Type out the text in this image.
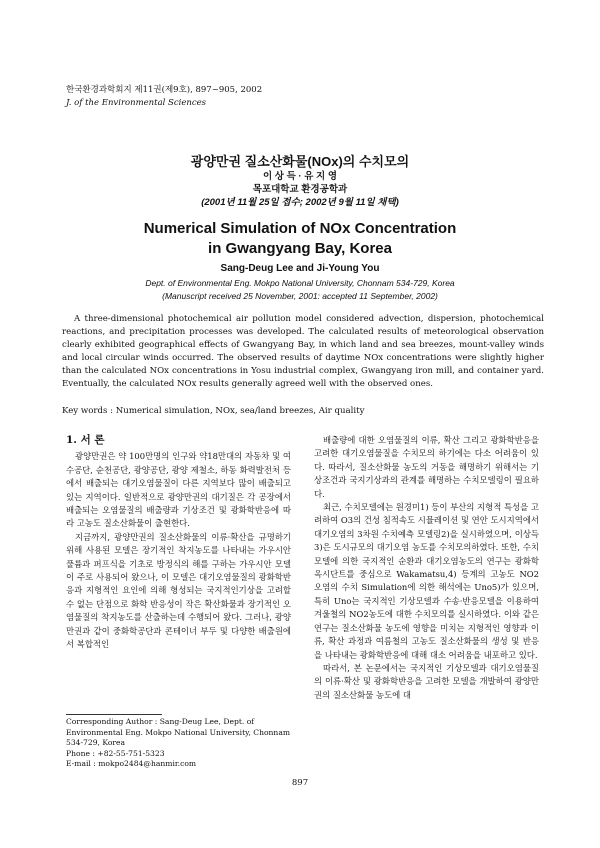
한국환경과학회지 제11권(제9호), 897~905, 2002
J. of the Environmental Sciences
광양만권 질소산화물(NOx)의 수치모의
이 상 득 · 유 지 영
목포대학교 환경공학과
(2001년 11월 25일 접수; 2002년 9월 11일 채택)
Numerical Simulation of NOx Concentration
in Gwangyang Bay, Korea
Sang-Deug Lee and Ji-Young You
Dept. of Environmental Eng. Mokpo National University, Chonnam 534-729, Korea
(Manuscript received 25 November, 2001: accepted 11 September, 2002)

A three-dimensional photochemical air pollution model considered advection, dispersion, photochemical reactions, and precipitation processes was developed. The calculated results of meteorological observation clearly exhibited geographical effects of Gwangyang Bay, in which land and sea breezes, mount-valley winds and local circular winds occurred. The observed results of daytime NOx concentrations were slightly higher than the calculated NOx concentrations in Yosu industrial complex, Gwangyang iron mill, and container yard. Eventually, the calculated NOx results generally agreed well with the observed ones.

Key words : Numerical simulation, NOx, sea/land breezes, Air quality
1. 서 론

광양만권은 약 100만명의 인구와 약18만대의 자동차 및 여수공단, 순천공단, 광양공단, 광양 제철소, 하동 화력발전처 등에서 배출되는 대기오염물질이 다른 지역보다 많이 배출되고 있는 지역이다. 일반적으로 광양만권의 대기질은 각 공장에서 배출되는 오염물질의 배출량과 기상조건 및 광화학반응에 따라 고농도 질소산화물이 출현한다.

지금까지, 광양만권의 질소산화물의 이류·확산을 규명하기 위해 사용된 모델은 장기적인 착지농도를 나타내는 가우시안 풀륨과 퍼프식을 기초로 방정식의 해를 구하는 가우시안 모델이 주로 사용되어 왔으나, 이 모델은 대기오염물질의 광화학반응과 지형적인 요인에 의해 형성되는 국지적인기상을 고려할 수 없는 단점으로 화학 반응성이 작은 확산화물과 장기적인 오염물질의 착지농도를 산출하는데 수행되어 왔다. 그러나, 광양만권과 같이 중화학공단과 콘테이너 부두 및 다양한 배출원에서 복합적인

배출량에 대한 오염물질의 이류, 확산 그리고 광화학반응을 고려한 대기오염물질을 수치모의 하기에는 다소 어려움이 있다. 따라서, 질소산화물 농도의 거동을 해명하기 위해서는 기상조건과 국지기상과의 관계를 해명하는 수치모델링이 필요하다.

최근, 수치모델에는 원경미1) 등이 부산의 지형적 특성을 고려하여 O3의 건성 침적속도 시뮬레이션 및 연안 도시지역에서 대기오염의 3차원 수치예측 모델링2)을 실시하였으며, 이상득3)은 도시규모의 대기오염 농도를 수치모의하였다. 또한, 수치모델에 의한 국지적인 순환과 대기오염농도의 연구는 광화학 옥시단트를 중심으로 Wakamatsu,4) 등계의 고농도 NO2 오염의 수치 Simulation에 의한 해석에는 Uno5)가 있으며, 특히 Uno는 국지적인 기상모델과 수송·반응모델을 이용하여 겨울철의 NO2농도에 대한 수치모의를 실시하였다. 이와 같은 연구는 질소산화물 농도에 영향을 미치는 지형적인 영향과 이류, 확산 과정과 여름철의 고농도 질소산화물의 생성 및 반응을 나타내는 광화학반응에 대해 대소 어려움을 내포하고 있다.

따라서, 본 논문에서는 국지적인 기상모델과 대기오염물질의 이류·확산 및 광화학반응을 고려한 모델을 개발하여 광양만권의 질소산화물 농도에 대

Corresponding Author : Sang-Deug Lee, Dept. of Environmental Eng. Mokpo National University, Chonnam 534-729, Korea
Phone : +82-55-751-5323
E-mail : mokpo2484@hanmir.com
897
